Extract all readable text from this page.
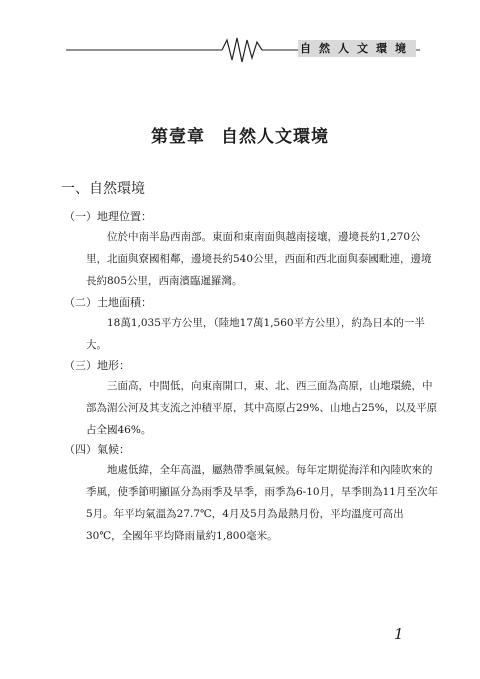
自然人文環境
第壹章 自然人文環境
一、自然環境
（一）地理位置：
位於中南半島西南部。東面和東南面與越南接壤，邊境長約1,270公里，北面與寮國相鄰，邊境長約540公里，西面和西北面與泰國毗連，邊境長約805公里，西南濱臨暹羅灣。
（二）土地面積：
18萬1,035平方公里，（陸地17萬1,560平方公里），約為日本的一半大。
（三）地形：
三面高，中間低，向東南開口，東、北、西三面為高原，山地環繞，中部為湄公河及其支流之沖積平原，其中高原占29%、山地占25%，以及平原占全國46%。
（四）氣候：
地處低緯，全年高溫，屬熱帶季風氣候。每年定期從海洋和內陸吹來的季風，使季節明顯區分為雨季及旱季，雨季為6-10月，旱季則為11月至次年5月。年平均氣溫為27.7℃，4月及5月為最熱月份，平均溫度可高出30℃，全國年平均降雨量約1,800毫米。
1
